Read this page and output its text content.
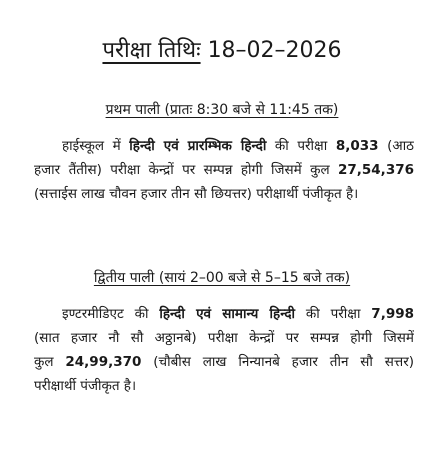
परीक्षा तिथिः 18–02–2026
प्रथम पाली (प्रातः 8:30 बजे से 11:45 तक)
हाईस्कूल में हिन्दी एवं प्रारम्भिक हिन्दी की परीक्षा 8,033 (आठ
हजार तैंतीस) परीक्षा केन्द्रों पर सम्पन्न होगी जिसमें कुल 27,54,376
(सत्ताईस लाख चौवन हजार तीन सौ छियत्तर) परीक्षार्थी पंजीकृत है।
द्वितीय पाली (सायं 2–00 बजे से 5–15 बजे तक)
इण्टरमीडिएट की हिन्दी एवं सामान्य हिन्दी की परीक्षा 7,998
(सात हजार नौ सौ अठ्ठानबे) परीक्षा केन्द्रों पर सम्पन्न होगी जिसमें
कुल 24,99,370 (चौबीस लाख निन्यानबे हजार तीन सौ सत्तर)
परीक्षार्थी पंजीकृत है।
